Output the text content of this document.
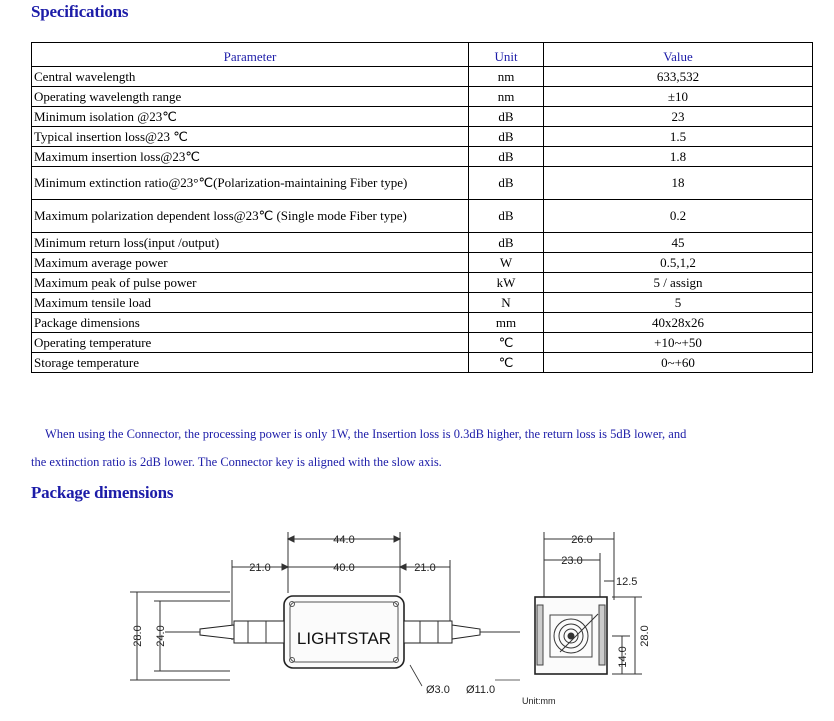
Specifications
Parameter	Unit	Value
Central wavelength	nm	633,532
Operating wavelength range	nm	±10
Minimum isolation @23℃	dB	23
Typical insertion loss@23 ℃	dB	1.5
Maximum insertion loss@23℃	dB	1.8
Minimum extinction ratio@23°℃(Polarization-maintaining Fiber type)	dB	18
Maximum polarization dependent loss@23℃ (Single mode Fiber type)	dB	0.2
Minimum return loss(input /output)	dB	45
Maximum average power	W	0.5,1,2
Maximum peak of pulse power	kW	5 / assign
Maximum tensile load	N	5
Package dimensions	mm	40x28x26
Operating temperature	℃	+10~+50
Storage temperature	℃	0~+60

When using the Connector, the processing power is only 1W, the Insertion loss is 0.3dB higher, the return loss is 5dB lower, and

the extinction ratio is 2dB lower. The Connector key is aligned with the slow axis.

Package dimensions
44.0
40.0
21.0	21.0
28.0 24.0	LIGHTSTAR
Ø3.0 Ø11.0
26.0
23.0
12.5
28.0
14.0
Unit:mm
